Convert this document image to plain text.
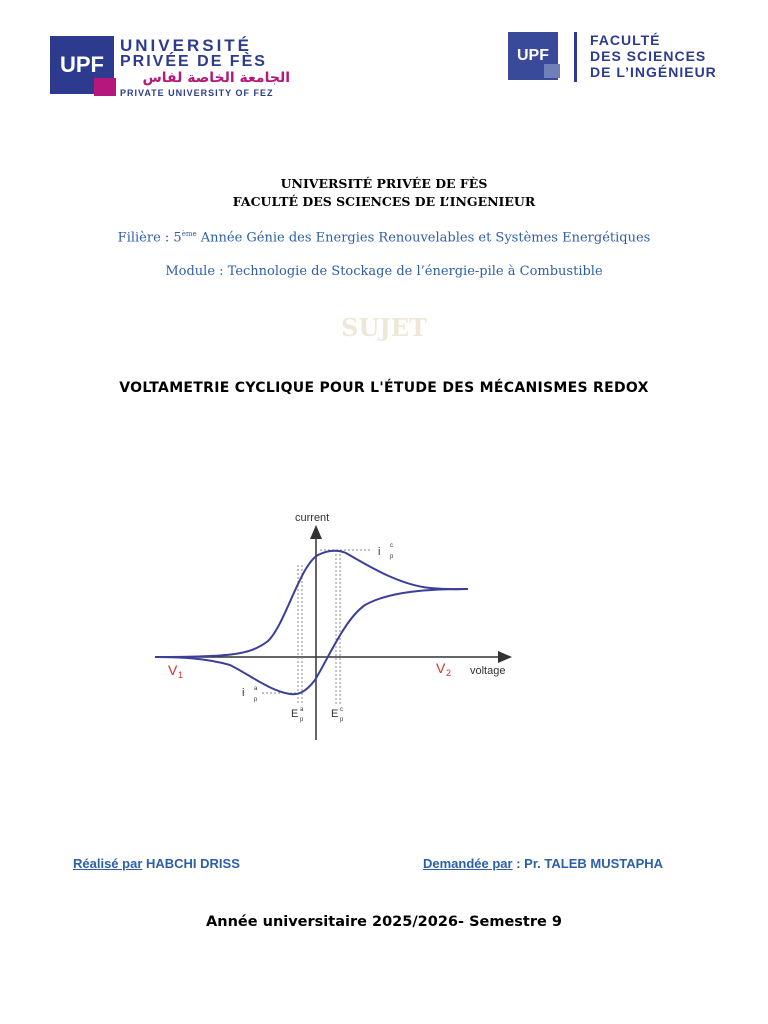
UPF
UNIVERSITÉ
PRIVÉE DE FÈS
الجامعة الخاصة لفاس
PRIVATE UNIVERSITY OF FEZ
UPF
FACULTÉ
DES SCIENCES
DE L’INGÉNIEUR
UNIVERSITÉ PRIVÉE DE FÈS
FACULTÉ DES SCIENCES DE L’INGENIEUR
Filière : 5ème Année Génie des Energies Renouvelables et Systèmes Energétiques
Module : Technologie de Stockage de l’énergie-pile à Combustible
SUJET
VOLTAMETRIE CYCLIQUE POUR L'ÉTUDE DES MÉCANISMES REDOX
current
voltage
V 1	V 2
i c
p
i a
p
E a
p	E c
p
Réalisé par HABCHI DRISS	Demandée par : Pr. TALEB MUSTAPHA
Année universitaire 2025/2026- Semestre 9
